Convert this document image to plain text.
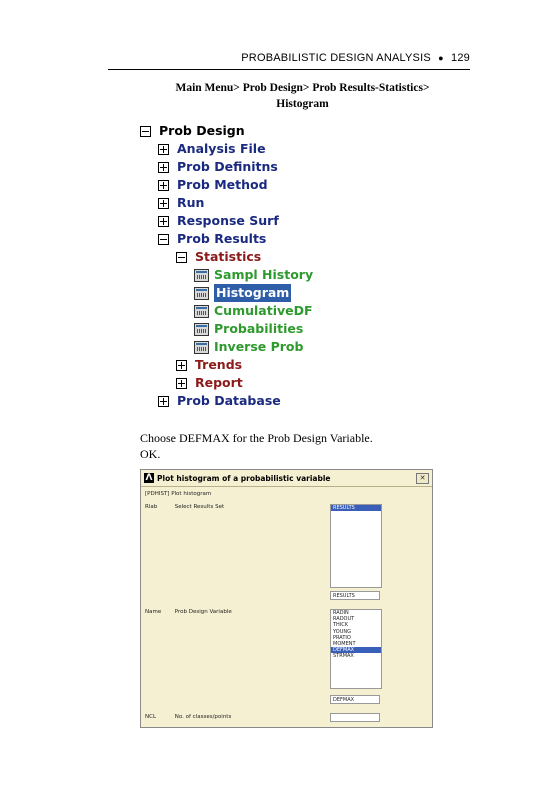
PROBABILISTIC DESIGN ANALYSIS ● 129
Main Menu> Prob Design> Prob Results-Statistics>
Histogram
Prob Design
Analysis File
Prob Definitns
Prob Method
Run
Response Surf
Prob Results
Statistics
Sampl History
Histogram
CumulativeDF
Probabilities
Inverse Prob
Trends
Report
Prob Database
Choose DEFMAX for the Prob Design Variable.
OK.
Λ Plot histogram of a probabilistic variable	✕
[PDHIST] Plot histogram
Rlab	Select Results Set	RESULTS
RESULTS
Name Prob Design Variable	RADIN
RADOUT
THICK
YOUNG
PRATIO
MOMENT
DEFMAX
STRMAX
DEFMAX
NCL	No. of classes/points
